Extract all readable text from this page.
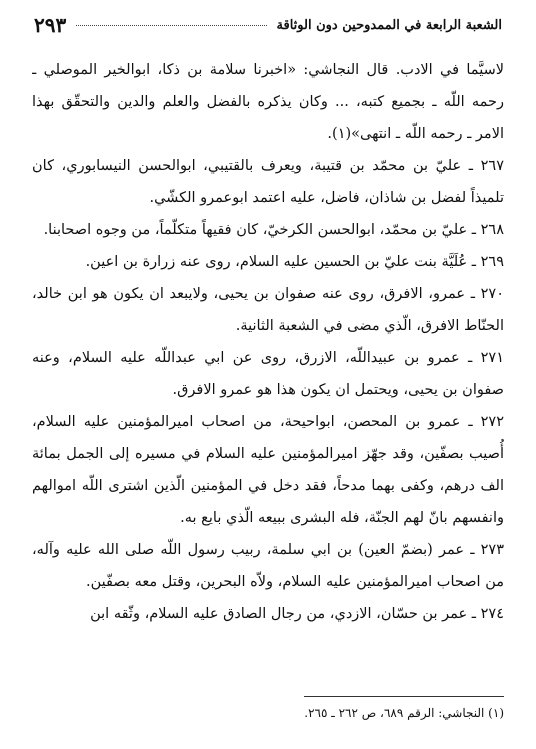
٢٩٣	الشعبة الرابعة في الممدوحين دون الوثاقة

لاسيَّما في الادب. قال النجاشي: «اخبرنا سلامة بن ذكا، ابوالخير الموصلي ـ رحمه اللّه ـ بجميع كتبه، ... وكان يذكره بالفضل والعلم والدين والتحقّق بهذا الامر ـ رحمه اللّه ـ انتهى»(١).

٢٦٧ ـ عليّ بن محمّد بن قتيبة، ويعرف بالقتيبي، ابوالحسن النيسابوري، كان تلميذاً لفضل بن شاذان، فاضل، عليه اعتمد ابوعمرو الكشّي.

٢٦٨ ـ عليّ بن محمّد، ابوالحسن الكرخيّ، كان فقيهاً متكلّماً، من وجوه اصحابنا.

٢٦٩ ـ عُلَيَّة بنت عليّ بن الحسين عليه السلام، روى عنه زرارة بن اعين.

٢٧٠ ـ عمرو، الافرق، روى عنه صفوان بن يحيى، ولايبعد ان يكون هو ابن خالد، الحنّاط الافرق، الّذي مضى في الشعبة الثانية.

٢٧١ ـ عمرو بن عبيداللّه، الازرق، روى عن ابي عبداللّه عليه السلام، وعنه صفوان بن يحيى، ويحتمل ان يكون هذا هو عمرو الافرق.

٢٧٢ ـ عمرو بن المحصن، ابواحيحة، من اصحاب اميرالمؤمنين عليه السلام، أُصيب بصفّين، وقد جهّز اميرالمؤمنين عليه السلام في مسيره إلى الجمل بمائة الف درهم، وكفى بهما مدحاً، فقد دخل في المؤمنين الّذين اشترى اللّه اموالهم وانفسهم بانّ لهم الجنّة، فله البشرى ببيعه الّذي بايع به.

٢٧٣ ـ عمر (بضمّ العين) بن ابي سلمة، ربيب رسول اللّه صلى الله عليه وآله، من اصحاب اميرالمؤمنين عليه السلام، ولاّه البحرين، وقتل معه بصفّين.

٢٧٤ ـ عمر بن حسّان، الازدي، من رجال الصادق عليه السلام، وثّقه ابن

(١) النجاشي: الرقم ٦٨٩، ص ٢٦٢ ـ ٢٦٥.
